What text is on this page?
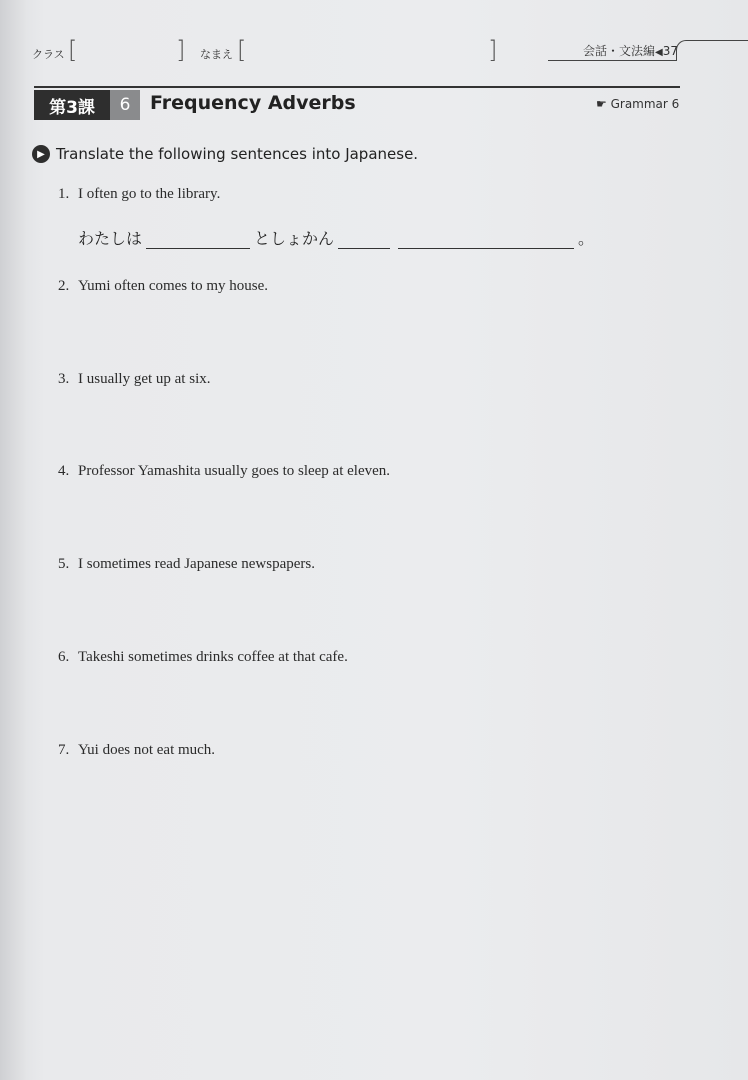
クラス [	] なまえ [	]	会話・文法編◀37
第3課	6	Frequency Adverbs	☛ Grammar 6
▶ Translate the following sentences into Japanese.
1. I often go to the library.
わたしは	としょかん	。
2. Yumi often comes to my house.
3. I usually get up at six.
4. Professor Yamashita usually goes to sleep at eleven.
5. I sometimes read Japanese newspapers.
6. Takeshi sometimes drinks coffee at that cafe.
7. Yui does not eat much.
